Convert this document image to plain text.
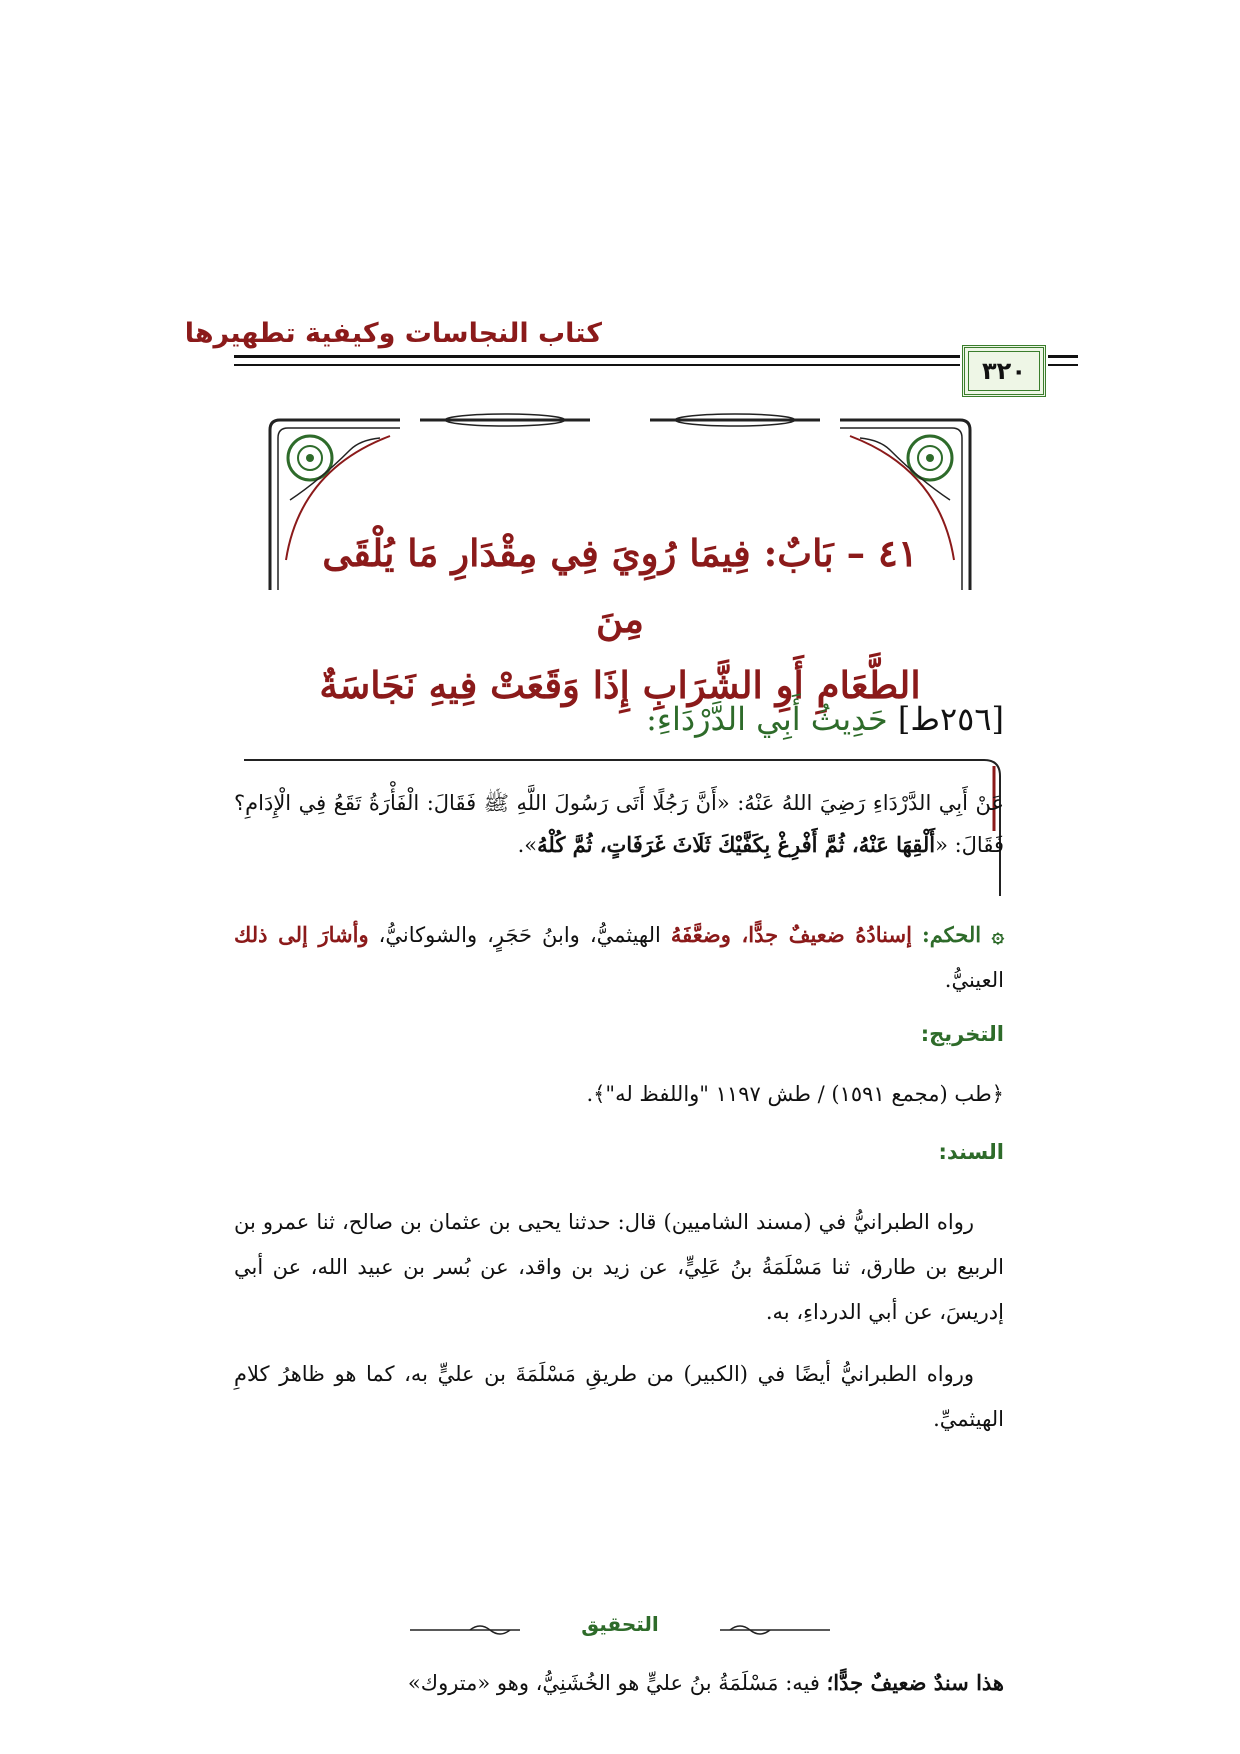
كتاب النجاسات وكيفية تطهيرها
٣٢٠
٤١ – بَابٌ: فِيمَا رُوِيَ فِي مِقْدَارِ مَا يُلْقَى مِنَ
الطَّعَامِ أَوِ الشَّرَابِ إِذَا وَقَعَتْ فِيهِ نَجَاسَةٌ
[٢٥٦ط] حَدِيثُ أَبِي الدَّرْدَاءِ:
عَنْ أَبِي الدَّرْدَاءِ رَضِيَ اللهُ عَنْهُ: «أَنَّ رَجُلًا أَتَى رَسُولَ اللَّهِ ﷺ فَقَالَ: الْفَأْرَةُ تَقَعُ فِي الْإِدَامِ؟ فَقَالَ: «أَلْقِهَا عَنْهُ، ثُمَّ أَفْرِغْ بِكَفَّيْكَ ثَلَاثَ غَرَفَاتٍ، ثُمَّ كُلْهُ».
۞ الحكم: إسنادُهُ ضعيفٌ جدًّا، وضعَّفَهُ الهيثميُّ، وابنُ حَجَرٍ، والشوكانيُّ، وأشارَ إلى ذلك العينيُّ.
التخريج:
﴿طب (مجمع ١٥٩١) / طش ١١٩٧ "واللفظ له"﴾.
السند:
رواه الطبرانيُّ في (مسند الشاميين) قال: حدثنا يحيى بن عثمان بن صالح، ثنا عمرو بن الربيع بن طارق، ثنا مَسْلَمَةُ بنُ عَلِيٍّ، عن زيد بن واقد، عن بُسر بن عبيد الله، عن أبي إدريسَ، عن أبي الدرداءِ، به.
ورواه الطبرانيُّ أيضًا في (الكبير) من طريقِ مَسْلَمَةَ بن عليٍّ به، كما هو ظاهرُ كلامِ الهيثميِّ.
التحقيق
هذا سندٌ ضعيفٌ جدًّا؛ فيه: مَسْلَمَةُ بنُ عليٍّ هو الخُشَنِيُّ، وهو «متروك»
